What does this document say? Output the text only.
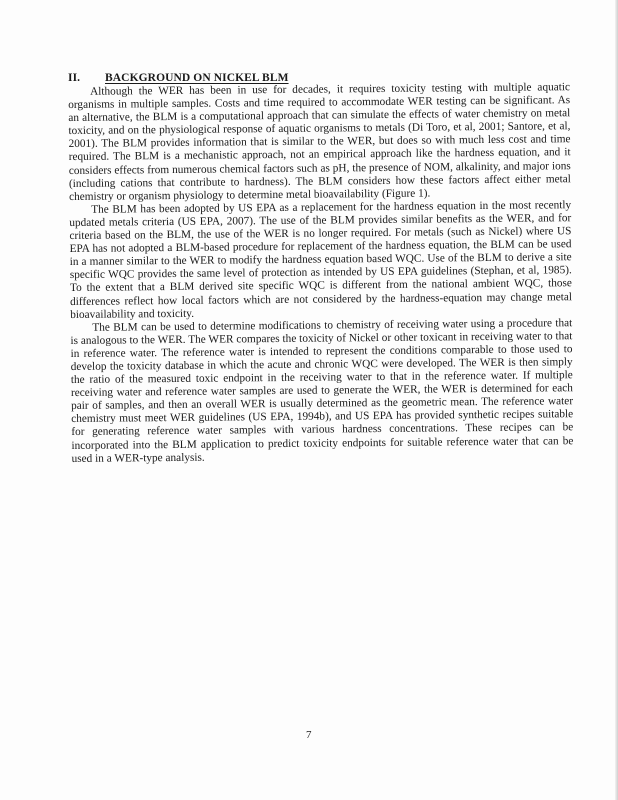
II. BACKGROUND ON NICKEL BLM

Although the WER has been in use for decades, it requires toxicity testing with multiple aquatic organisms in multiple samples. Costs and time required to accommodate WER testing can be significant. As an alternative, the BLM is a computational approach that can simulate the effects of water chemistry on metal toxicity, and on the physiological response of aquatic organisms to metals (Di Toro, et al, 2001; Santore, et al, 2001). The BLM provides information that is similar to the WER, but does so with much less cost and time required. The BLM is a mechanistic approach, not an empirical approach like the hardness equation, and it considers effects from numerous chemical factors such as pH, the presence of NOM, alkalinity, and major ions (including cations that contribute to hardness). The BLM considers how these factors affect either metal chemistry or organism physiology to determine metal bioavailability (Figure 1).

The BLM has been adopted by US EPA as a replacement for the hardness equation in the most recently updated metals criteria (US EPA, 2007). The use of the BLM provides similar benefits as the WER, and for criteria based on the BLM, the use of the WER is no longer required. For metals (such as Nickel) where US EPA has not adopted a BLM-based procedure for replacement of the hardness equation, the BLM can be used in a manner similar to the WER to modify the hardness equation based WQC. Use of the BLM to derive a site specific WQC provides the same level of protection as intended by US EPA guidelines (Stephan, et al, 1985). To the extent that a BLM derived site specific WQC is different from the national ambient WQC, those differences reflect how local factors which are not considered by the hardness-equation may change metal bioavailability and toxicity.

The BLM can be used to determine modifications to chemistry of receiving water using a procedure that is analogous to the WER. The WER compares the toxicity of Nickel or other toxicant in receiving water to that in reference water. The reference water is intended to represent the conditions comparable to those used to develop the toxicity database in which the acute and chronic WQC were developed. The WER is then simply the ratio of the measured toxic endpoint in the receiving water to that in the reference water. If multiple receiving water and reference water samples are used to generate the WER, the WER is determined for each pair of samples, and then an overall WER is usually determined as the geometric mean. The reference water chemistry must meet WER guidelines (US EPA, 1994b), and US EPA has provided synthetic recipes suitable for generating reference water samples with various hardness concentrations. These recipes can be incorporated into the BLM application to predict toxicity endpoints for suitable reference water that can be used in a WER-type analysis.

7
